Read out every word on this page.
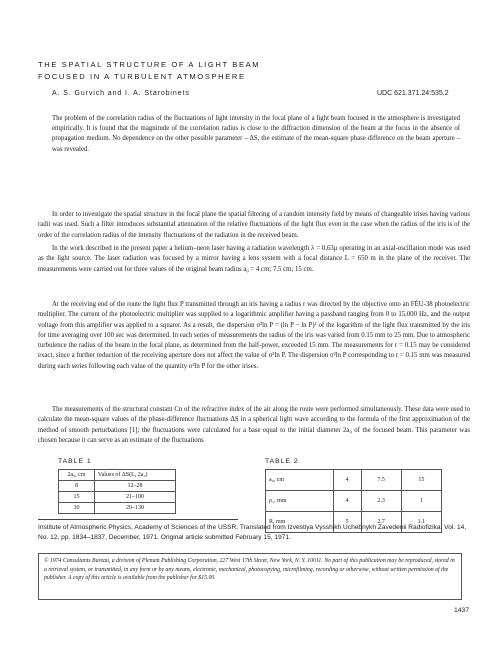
THE SPATIAL STRUCTURE OF A LIGHT BEAM
FOCUSED IN A TURBULENT ATMOSPHERE
A. S. Gurvich and I. A. Starobinets	UDC 621.371.24:535.2
The problem of the correlation radius of the fluctuations of light intensity in the focal plane of a light beam focused in the atmosphere is investigated empirically. It is found that the magnitude of the correlation radius is close to the diffraction dimension of the beam at the focus in the absence of propagation medium. No dependence on the other possible parameter – ΔS, the estimate of the mean-square phase difference on the beam aperture – was revealed.

In order to investigate the spatial structure in the focal plane the spatial filtering of a random intensity field by means of changeable irises having various radii was used. Such a filter introduces substantial attenuation of the relative fluctuations of the light flux even in the case when the radius of the iris is of the order of the correlation radius of the intensity fluctuations of the radiation in the received beam.

In the work described in the present paper a helium–neon laser having a radiation wavelength λ = 0.63μ operating in an axial-oscillation mode was used as the light source. The laser radiation was focused by a mirror having a lens system with a focal distance L = 650 m in the plane of the receiver. The measurements were carried out for three values of the original beam radius a₀ = 4 cm; 7.5 cm; 15 cm.

At the receiving end of the route the light flux P transmitted through an iris having a radius r was directed by the objective onto an FÉU-38 photoelectric multiplier. The current of the photoelectric multiplier was supplied to a logarithmic amplifier having a passband ranging from 0 to 15,000 Hz, and the output voltage from this amplifier was applied to a squarer. As a result, the dispersion σ²ln P = (ln P − ln P)² of the logarithm of the light flux transmitted by the iris for time averaging over 100 sec was determined. In each series of measurements the radius of the iris was varied from 0.15 mm to 25 mm. Due to atmospheric turbulence the radius of the beam in the focal plane, as determined from the half-power, exceeded 15 mm. The measurements for r = 0.15 may be considered exact, since a further reduction of the receiving aperture does not affect the value of σ²ln P. The dispersion σ²ln P corresponding to r = 0.15 mm was measured during each series following each value of the quantity σ²ln P for the other irises.

The measurements of the structural constant Cn of the refractive index of the air along the route were performed simultaneously. These data were used to calculate the mean-square values of the phase-difference fluctuations ΔS in a spherical light wave according to the formula of the first approximation of the method of smooth perturbations [1]; the fluctuations were calculated for a base equal to the initial diameter 2a₀ of the focused beam. This parameter was chosen because it can serve as an estimate of the fluctuations

TABLE 1
2a₀, cm	Values of ΔS(L, 2a₀)
8	12–28
15	21–100
30	20–130
TABLE 2
a₀, cm	4	7.5	15
ρ₁, mm	4	2.3	1
R, mm	5	2.7	1.1
Institute of Atmospheric Physics, Academy of Sciences of the USSR. Translated from Izvestiya Vysshikh Uchebnykh Zavedenii Radiofizika, Vol. 14, No. 12, pp. 1834–1837, December, 1971. Original article submitted February 15, 1971.
© 1974 Consultants Bureau, a division of Plenum Publishing Corporation, 227 West 17th Street, New York, N. Y. 10011. No part of this publication may be reproduced, stored in a retrieval system, or transmitted, in any form or by any means, electronic, mechanical, photocopying, microfilming, recording or otherwise, without written permission of the publisher. A copy of this article is available from the publisher for $15.00.
1437
